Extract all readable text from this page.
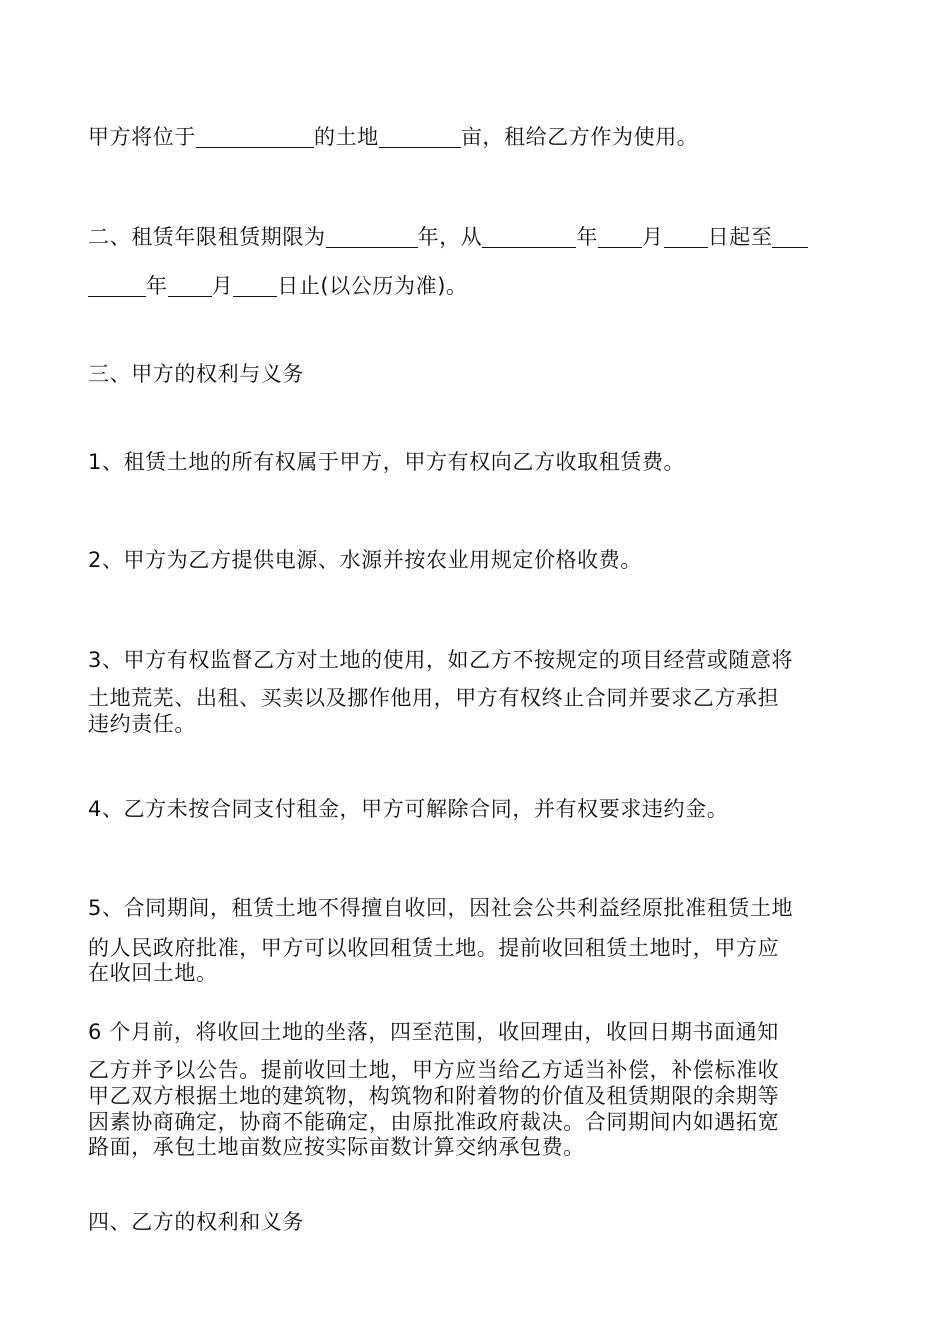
甲方将位于	的土地	亩，租给乙方作为使用。
二、租赁年限租赁期限为	年，从	年 月 日起至
年 月 日止(以公历为准)。
三、甲方的权利与义务
1、租赁土地的所有权属于甲方，甲方有权向乙方收取租赁费。
2、甲方为乙方提供电源、水源并按农业用规定价格收费。
3、甲方有权监督乙方对土地的使用，如乙方不按规定的项目经营或随意将
土地荒芜、出租、买卖以及挪作他用，甲方有权终止合同并要求乙方承担
违约责任。
4、乙方未按合同支付租金，甲方可解除合同，并有权要求违约金。
5、合同期间，租赁土地不得擅自收回，因社会公共利益经原批准租赁土地
的人民政府批准，甲方可以收回租赁土地。提前收回租赁土地时，甲方应
在收回土地。
6 个月前，将收回土地的坐落，四至范围，收回理由，收回日期书面通知
乙方并予以公告。提前收回土地，甲方应当给乙方适当补偿，补偿标准收
甲乙双方根据土地的建筑物，构筑物和附着物的价值及租赁期限的余期等
因素协商确定，协商不能确定，由原批准政府裁决。合同期间内如遇拓宽
路面，承包土地亩数应按实际亩数计算交纳承包费。
四、乙方的权利和义务
